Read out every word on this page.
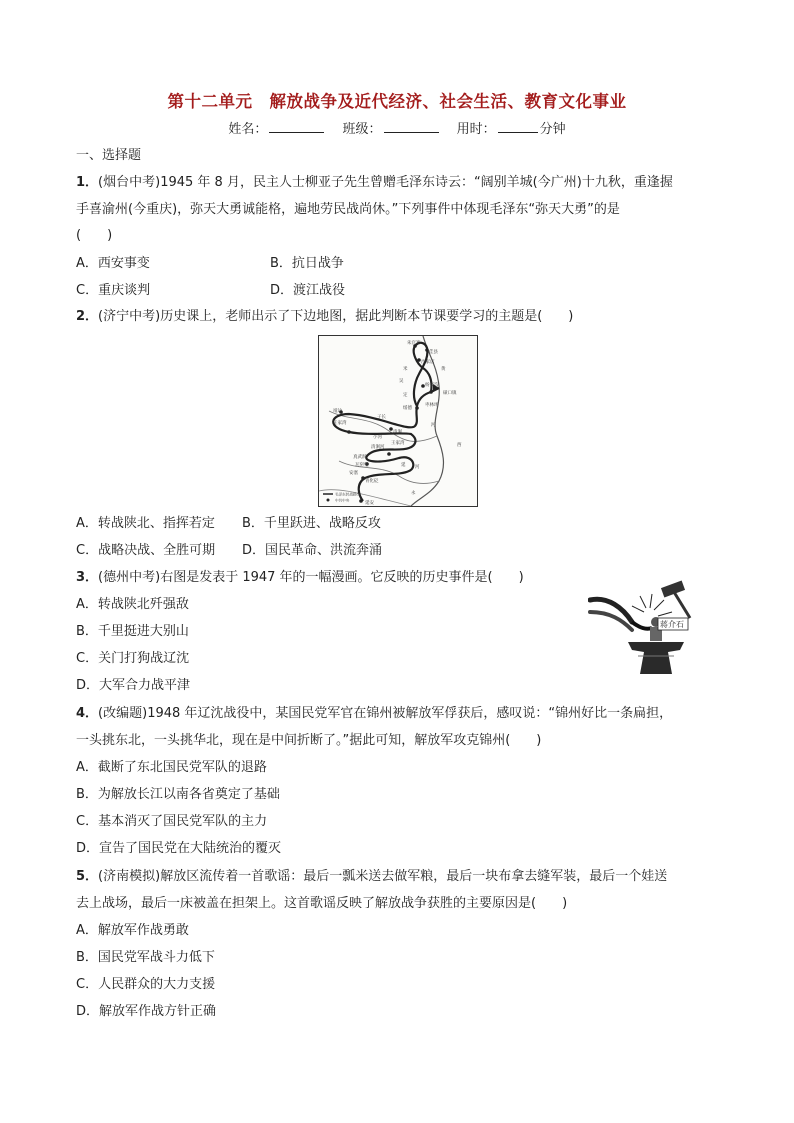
第十二单元　解放战争及近代经济、社会生活、教育文化事业
姓名：	班级：	用时：	分钟
一、选择题
1．(烟台中考)1945 年 8 月，民主人士柳亚子先生曾赠毛泽东诗云：“阔别羊城(今广州)十九秋，重逢握
手喜渝州(今重庆)，弥天大勇诚能格，遍地劳民战尚休。”下列事件中体现毛泽东“弥天大勇”的是
(　　)
A．西安事变	B．抗日战争
C．重庆谈判	D．渡江战役
2．(济宁中考)历史课上，老师出示了下边地图，据此判断本节课要学习的主题是(　　)
朱官寨
佳县
沙家店
黄
米
杨家沟
吴
碛口镇
绥德
枣林坪
定
王家湾
清涧
河
靖边
子长
小河
王家湾	西
清涧河
真武洞
瓦窑堡	延
安塞
河
青化砭
延安
永
毛泽东转战路线
中共中央
A．转战陕北、指挥若定 B．千里跃进、战略反攻
C．战略决战、全胜可期 D．国民革命、洪流奔涌
3．(德州中考)右图是发表于 1947 年的一幅漫画。它反映的历史事件是(　　)
蒋介石
A．转战陕北歼强敌
B．千里挺进大别山
C．关门打狗战辽沈
D．大军合力战平津
4．(改编题)1948 年辽沈战役中，某国民党军官在锦州被解放军俘获后，感叹说：“锦州好比一条扁担，
一头挑东北，一头挑华北，现在是中间折断了。”据此可知，解放军攻克锦州(　　)
A．截断了东北国民党军队的退路
B．为解放长江以南各省奠定了基础
C．基本消灭了国民党军队的主力
D．宣告了国民党在大陆统治的覆灭
5．(济南模拟)解放区流传着一首歌谣：最后一瓢米送去做军粮，最后一块布拿去缝军装，最后一个娃送
去上战场，最后一床被盖在担架上。这首歌谣反映了解放战争获胜的主要原因是(　　)
A．解放军作战勇敢
B．国民党军战斗力低下
C．人民群众的大力支援
D．解放军作战方针正确
